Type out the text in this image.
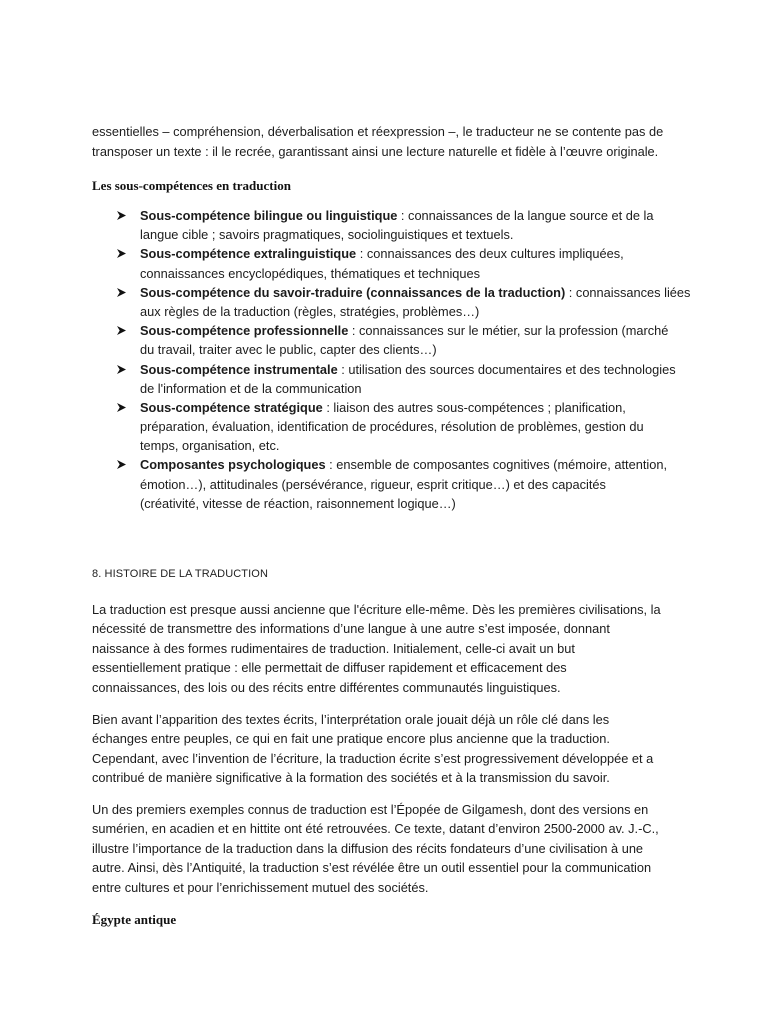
essentielles – compréhension, déverbalisation et réexpression –, le traducteur ne se contente pas de
transposer un texte : il le recrée, garantissant ainsi une lecture naturelle et fidèle à l’œuvre originale.
Les sous-compétences en traduction
Sous-compétence bilingue ou linguistique : connaissances de la langue source et de la
langue cible ; savoirs pragmatiques, sociolinguistiques et textuels.
Sous-compétence extralinguistique : connaissances des deux cultures impliquées,
connaissances encyclopédiques, thématiques et techniques
Sous-compétence du savoir-traduire (connaissances de la traduction) : connaissances liées
aux règles de la traduction (règles, stratégies, problèmes…)
Sous-compétence professionnelle : connaissances sur le métier, sur la profession (marché
du travail, traiter avec le public, capter des clients…)
Sous-compétence instrumentale : utilisation des sources documentaires et des technologies
de l'information et de la communication
Sous-compétence stratégique : liaison des autres sous-compétences ; planification,
préparation, évaluation, identification de procédures, résolution de problèmes, gestion du
temps, organisation, etc.
Composantes psychologiques : ensemble de composantes cognitives (mémoire, attention,
émotion…), attitudinales (persévérance, rigueur, esprit critique…) et des capacités
(créativité, vitesse de réaction, raisonnement logique…)
8. HISTOIRE DE LA TRADUCTION
La traduction est presque aussi ancienne que l'écriture elle-même. Dès les premières civilisations, la
nécessité de transmettre des informations d’une langue à une autre s’est imposée, donnant
naissance à des formes rudimentaires de traduction. Initialement, celle-ci avait un but
essentiellement pratique : elle permettait de diffuser rapidement et efficacement des
connaissances, des lois ou des récits entre différentes communautés linguistiques.
Bien avant l’apparition des textes écrits, l’interprétation orale jouait déjà un rôle clé dans les
échanges entre peuples, ce qui en fait une pratique encore plus ancienne que la traduction.
Cependant, avec l’invention de l’écriture, la traduction écrite s’est progressivement développée et a
contribué de manière significative à la formation des sociétés et à la transmission du savoir.
Un des premiers exemples connus de traduction est l’Épopée de Gilgamesh, dont des versions en
sumérien, en acadien et en hittite ont été retrouvées. Ce texte, datant d’environ 2500-2000 av. J.-C.,
illustre l’importance de la traduction dans la diffusion des récits fondateurs d’une civilisation à une
autre. Ainsi, dès l’Antiquité, la traduction s’est révélée être un outil essentiel pour la communication
entre cultures et pour l’enrichissement mutuel des sociétés.
Égypte antique
